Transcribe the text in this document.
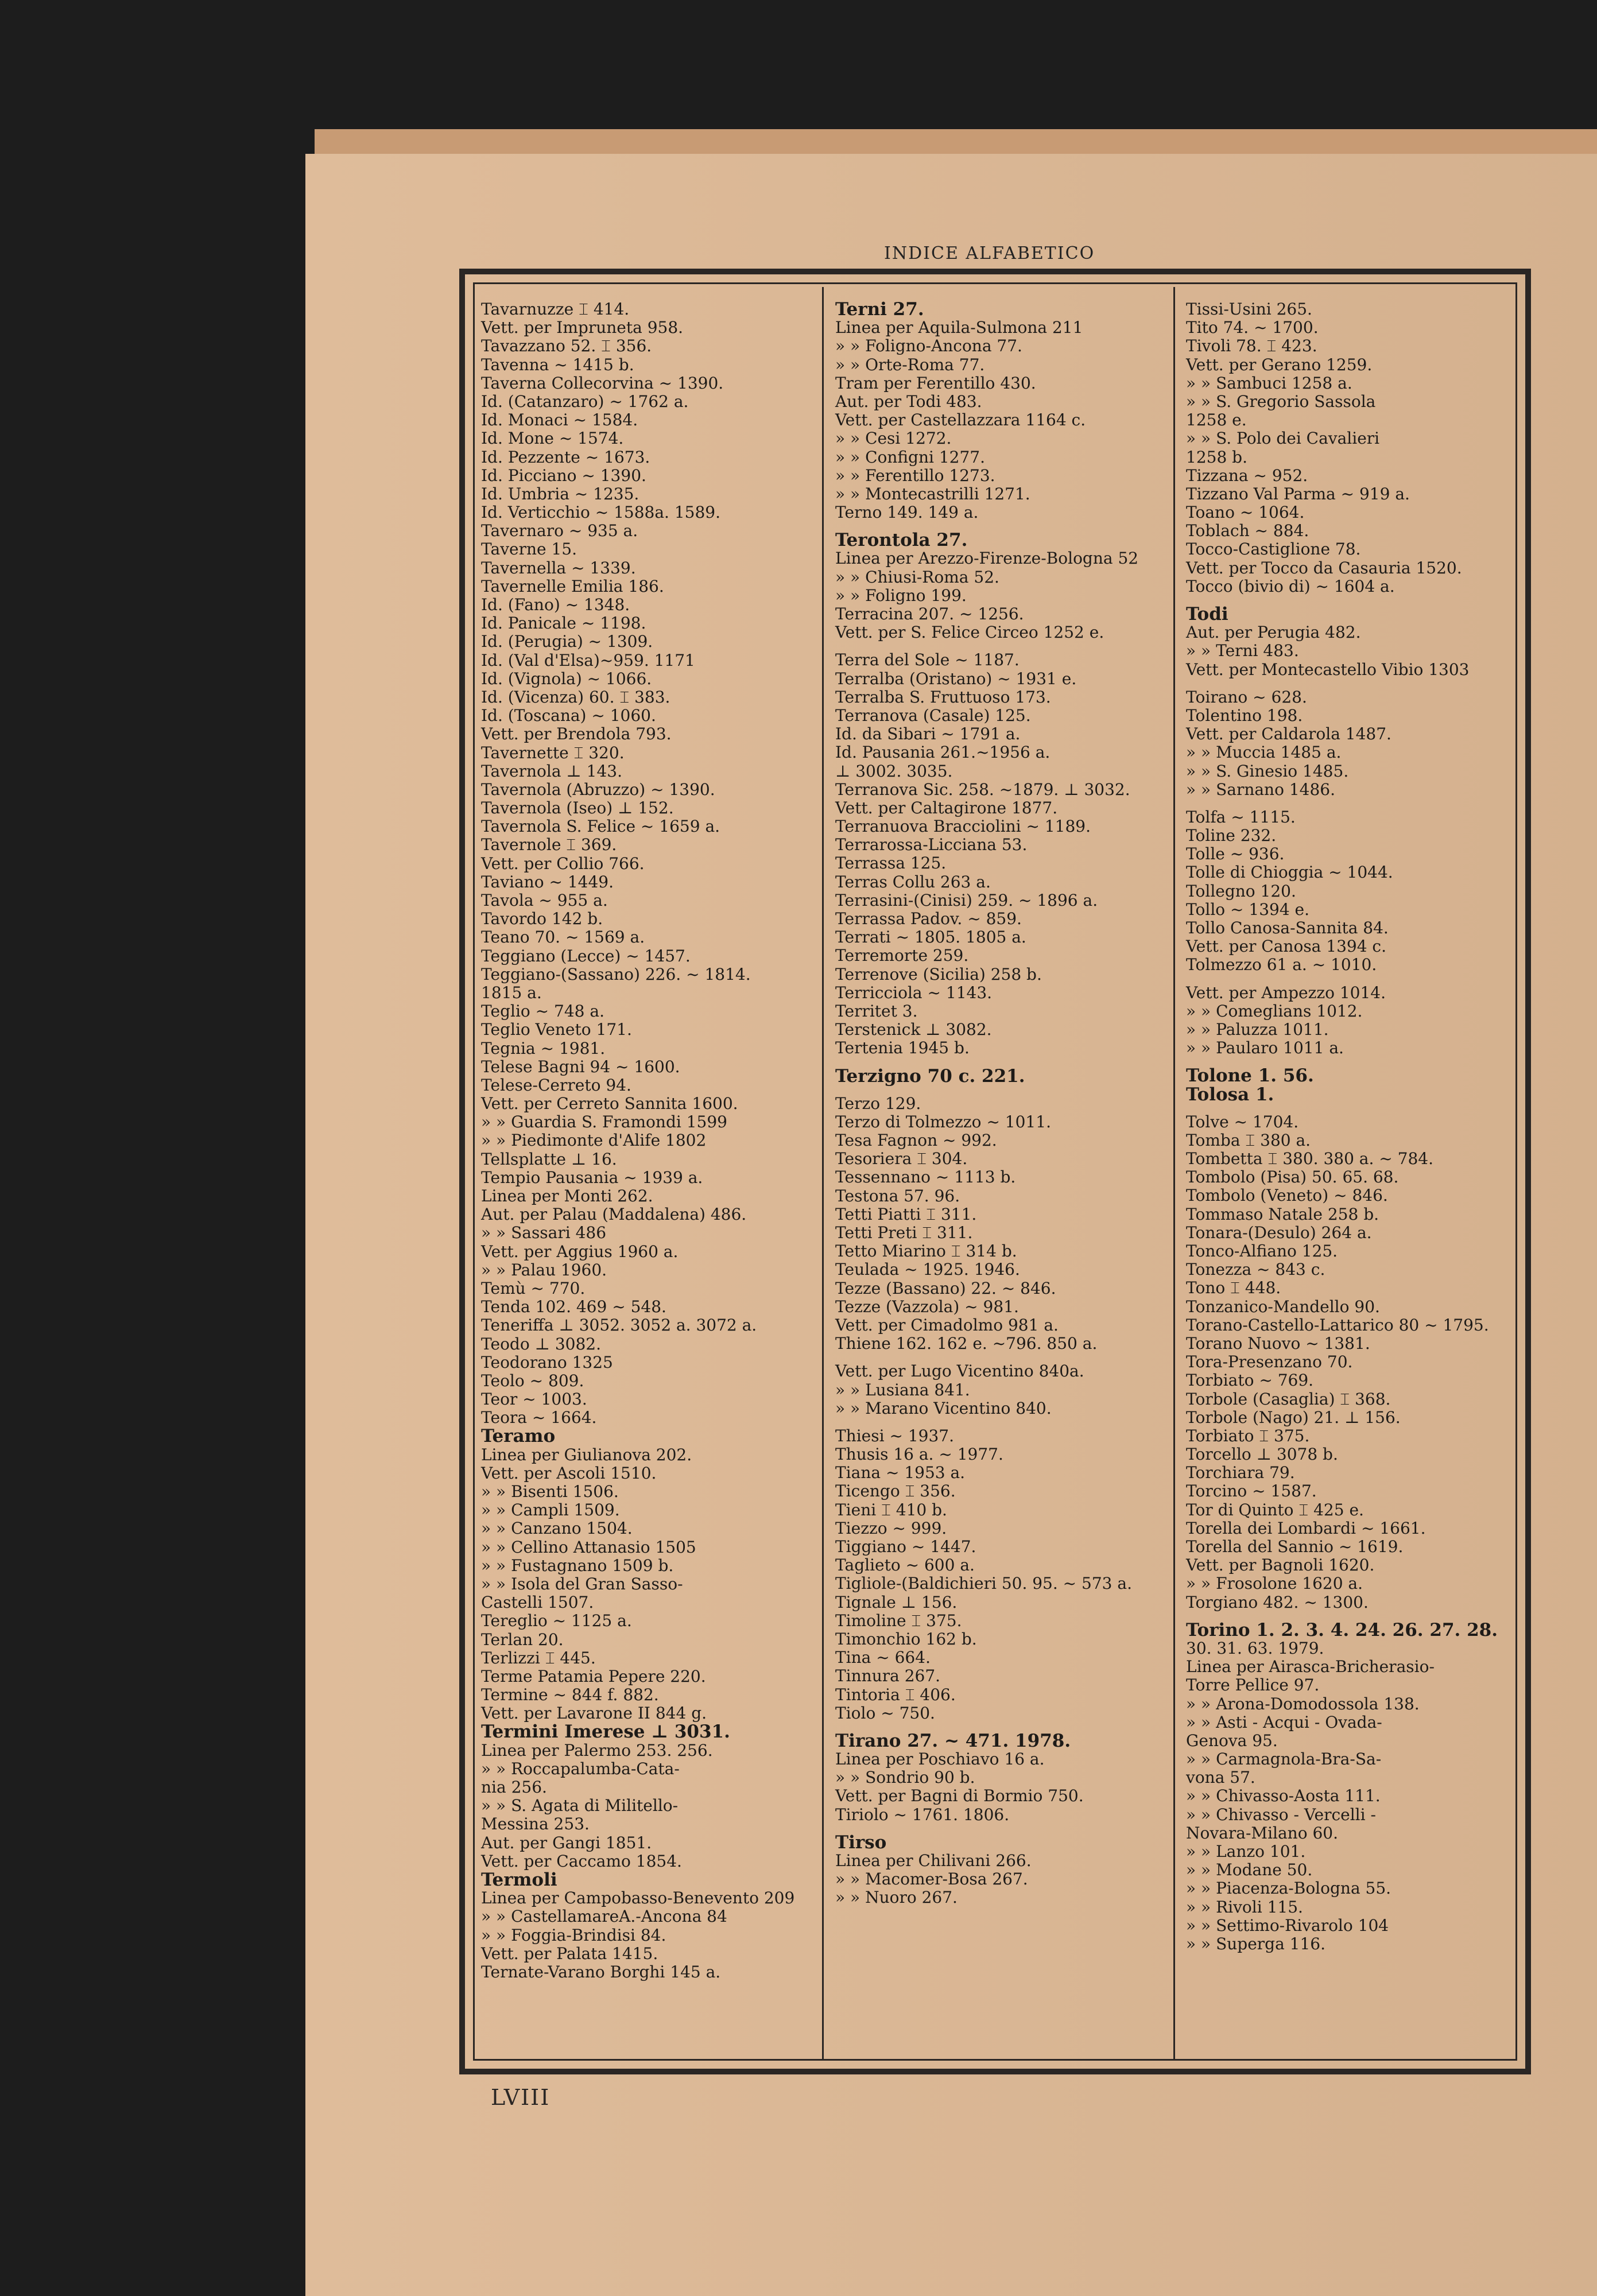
INDICE ALFABETICO
Tavarnuzze ⌶ 414.
Vett. per Impruneta 958.
Tavazzano 52. ⌶ 356.
Tavenna ~ 1415 b.
Taverna Collecorvina ~ 1390.
Id. (Catanzaro) ~ 1762 a.
Id. Monaci ~ 1584.
Id. Mone ~ 1574.
Id. Pezzente ~ 1673.
Id. Picciano ~ 1390.
Id. Umbria ~ 1235.
Id. Verticchio ~ 1588a. 1589.
Tavernaro ~ 935 a.
Taverne 15.
Tavernella ~ 1339.
Tavernelle Emilia 186.
Id. (Fano) ~ 1348.
Id. Panicale ~ 1198.
Id. (Perugia) ~ 1309.
Id. (Val d'Elsa)~959. 1171
Id. (Vignola) ~ 1066.
Id. (Vicenza) 60. ⌶ 383.
Id. (Toscana) ~ 1060.
Vett. per Brendola 793.
Tavernette ⌶ 320.
Tavernola ⊥ 143.
Tavernola (Abruzzo) ~ 1390.
Tavernola (Iseo) ⊥ 152.
Tavernola S. Felice ~ 1659 a.
Tavernole ⌶ 369.
Vett. per Collio 766.
Taviano ~ 1449.
Tavola ~ 955 a.
Tavordo 142 b.
Teano 70. ~ 1569 a.
Teggiano (Lecce) ~ 1457.
Teggiano-(Sassano) 226. ~ 1814.
1815 a.
Teglio ~ 748 a.
Teglio Veneto 171.
Tegnia ~ 1981.
Telese Bagni 94 ~ 1600.
Telese-Cerreto 94.
Vett. per Cerreto Sannita 1600.
» » Guardia S. Framondi 1599
» » Piedimonte d'Alife 1802
Tellsplatte ⊥ 16.
Tempio Pausania ~ 1939 a.
Linea per Monti 262.
Aut. per Palau (Maddalena) 486.
» » Sassari 486
Vett. per Aggius 1960 a.
» » Palau 1960.
Temù ~ 770.
Tenda 102. 469 ~ 548.
Teneriffa ⊥ 3052. 3052 a. 3072 a.
Teodo ⊥ 3082.
Teodorano 1325
Teolo ~ 809.
Teor ~ 1003.
Teora ~ 1664.
Teramo
Linea per Giulianova 202.
Vett. per Ascoli 1510.
» » Bisenti 1506.
» » Campli 1509.
» » Canzano 1504.
» » Cellino Attanasio 1505
» » Fustagnano 1509 b.
» » Isola del Gran Sasso-
Castelli 1507.
Tereglio ~ 1125 a.
Terlan 20.
Terlizzi ⌶ 445.
Terme Patamia Pepere 220.
Termine ~ 844 f. 882.
Vett. per Lavarone II 844 g.
Termini Imerese ⊥ 3031.
Linea per Palermo 253. 256.
» » Roccapalumba-Cata-
nia 256.
» » S. Agata di Militello-
Messina 253.
Aut. per Gangi 1851.
Vett. per Caccamo 1854.
Termoli
Linea per Campobasso-Benevento 209
» » CastellamareA.-Ancona 84
» » Foggia-Brindisi 84.
Vett. per Palata 1415.
Ternate-Varano Borghi 145 a.
Terni 27.
Linea per Aquila-Sulmona 211
» » Foligno-Ancona 77.
» » Orte-Roma 77.
Tram per Ferentillo 430.
Aut. per Todi 483.
Vett. per Castellazzara 1164 c.
» » Cesi 1272.
» » Configni 1277.
» » Ferentillo 1273.
» » Montecastrilli 1271.
Terno 149. 149 a.
Terontola 27.
Linea per Arezzo-Firenze-Bologna 52
» » Chiusi-Roma 52.
» » Foligno 199.
Terracina 207. ~ 1256.
Vett. per S. Felice Circeo 1252 e.
Terra del Sole ~ 1187.
Terralba (Oristano) ~ 1931 e.
Terralba S. Fruttuoso 173.
Terranova (Casale) 125.
Id. da Sibari ~ 1791 a.
Id. Pausania 261.~1956 a.
⊥ 3002. 3035.
Terranova Sic. 258. ~1879. ⊥ 3032.
Vett. per Caltagirone 1877.
Terranuova Bracciolini ~ 1189.
Terrarossa-Licciana 53.
Terrassa 125.
Terras Collu 263 a.
Terrasini-(Cinisi) 259. ~ 1896 a.
Terrassa Padov. ~ 859.
Terrati ~ 1805. 1805 a.
Terremorte 259.
Terrenove (Sicilia) 258 b.
Terricciola ~ 1143.
Territet 3.
Terstenick ⊥ 3082.
Tertenia 1945 b.
Terzigno 70 c. 221.
Terzo 129.
Terzo di Tolmezzo ~ 1011.
Tesa Fagnon ~ 992.
Tesoriera ⌶ 304.
Tessennano ~ 1113 b.
Testona 57. 96.
Tetti Piatti ⌶ 311.
Tetti Preti ⌶ 311.
Tetto Miarino ⌶ 314 b.
Teulada ~ 1925. 1946.
Tezze (Bassano) 22. ~ 846.
Tezze (Vazzola) ~ 981.
Vett. per Cimadolmo 981 a.
Thiene 162. 162 e. ~796. 850 a.
Vett. per Lugo Vicentino 840a.
» » Lusiana 841.
» » Marano Vicentino 840.
Thiesi ~ 1937.
Thusis 16 a. ~ 1977.
Tiana ~ 1953 a.
Ticengo ⌶ 356.
Tieni ⌶ 410 b.
Tiezzo ~ 999.
Tiggiano ~ 1447.
Taglieto ~ 600 a.
Tigliole-(Baldichieri 50. 95. ~ 573 a.
Tignale ⊥ 156.
Timoline ⌶ 375.
Timonchio 162 b.
Tina ~ 664.
Tinnura 267.
Tintoria ⌶ 406.
Tiolo ~ 750.
Tirano 27. ~ 471. 1978.
Linea per Poschiavo 16 a.
» » Sondrio 90 b.
Vett. per Bagni di Bormio 750.
Tiriolo ~ 1761. 1806.
Tirso
Linea per Chilivani 266.
» » Macomer-Bosa 267.
» » Nuoro 267.
Tissi-Usini 265.
Tito 74. ~ 1700.
Tivoli 78. ⌶ 423.
Vett. per Gerano 1259.
» » Sambuci 1258 a.
» » S. Gregorio Sassola
1258 e.
» » S. Polo dei Cavalieri
1258 b.
Tizzana ~ 952.
Tizzano Val Parma ~ 919 a.
Toano ~ 1064.
Toblach ~ 884.
Tocco-Castiglione 78.
Vett. per Tocco da Casauria 1520.
Tocco (bivio di) ~ 1604 a.
Todi
Aut. per Perugia 482.
» » Terni 483.
Vett. per Montecastello Vibio 1303
Toirano ~ 628.
Tolentino 198.
Vett. per Caldarola 1487.
» » Muccia 1485 a.
» » S. Ginesio 1485.
» » Sarnano 1486.
Tolfa ~ 1115.
Toline 232.
Tolle ~ 936.
Tolle di Chioggia ~ 1044.
Tollegno 120.
Tollo ~ 1394 e.
Tollo Canosa-Sannita 84.
Vett. per Canosa 1394 c.
Tolmezzo 61 a. ~ 1010.
Vett. per Ampezzo 1014.
» » Comeglians 1012.
» » Paluzza 1011.
» » Paularo 1011 a.
Tolone 1. 56.
Tolosa 1.
Tolve ~ 1704.
Tomba ⌶ 380 a.
Tombetta ⌶ 380. 380 a. ~ 784.
Tombolo (Pisa) 50. 65. 68.
Tombolo (Veneto) ~ 846.
Tommaso Natale 258 b.
Tonara-(Desulo) 264 a.
Tonco-Alfiano 125.
Tonezza ~ 843 c.
Tono ⌶ 448.
Tonzanico-Mandello 90.
Torano-Castello-Lattarico 80 ~ 1795.
Torano Nuovo ~ 1381.
Tora-Presenzano 70.
Torbiato ~ 769.
Torbole (Casaglia) ⌶ 368.
Torbole (Nago) 21. ⊥ 156.
Torbiato ⌶ 375.
Torcello ⊥ 3078 b.
Torchiara 79.
Torcino ~ 1587.
Tor di Quinto ⌶ 425 e.
Torella dei Lombardi ~ 1661.
Torella del Sannio ~ 1619.
Vett. per Bagnoli 1620.
» » Frosolone 1620 a.
Torgiano 482. ~ 1300.
Torino 1. 2. 3. 4. 24. 26. 27. 28.
30. 31. 63. 1979.
Linea per Airasca-Bricherasio-
Torre Pellice 97.
» » Arona-Domodossola 138.
» » Asti - Acqui - Ovada-
Genova 95.
» » Carmagnola-Bra-Sa-
vona 57.
» » Chivasso-Aosta 111.
» » Chivasso - Vercelli -
Novara-Milano 60.
» » Lanzo 101.
» » Modane 50.
» » Piacenza-Bologna 55.
» » Rivoli 115.
» » Settimo-Rivarolo 104
» » Superga 116.
LVIII
